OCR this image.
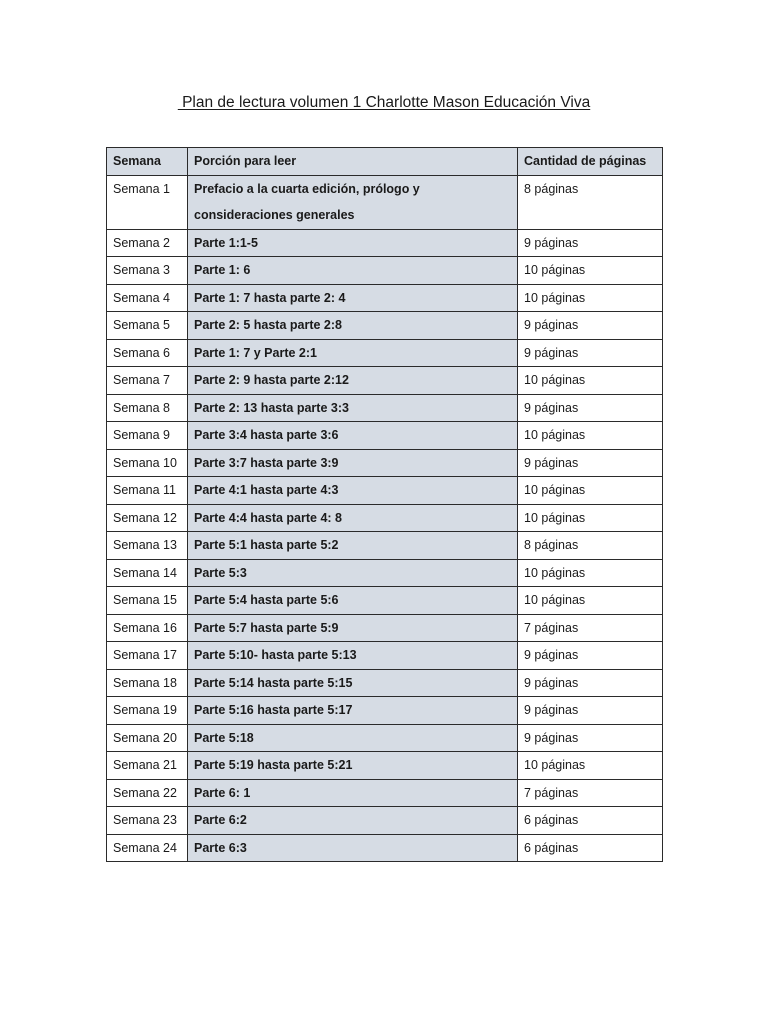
Plan de lectura volumen 1 Charlotte Mason Educación Viva
Semana	Porción para leer	Cantidad de páginas
Semana 1	Prefacio a la cuarta edición, prólogo y consideraciones generales	8 páginas
Semana 2	Parte 1:1-5	9 páginas
Semana 3	Parte 1: 6	10 páginas
Semana 4	Parte 1: 7 hasta parte 2: 4	10 páginas
Semana 5	Parte 2: 5 hasta parte 2:8	9 páginas
Semana 6	Parte 1: 7 y Parte 2:1	9 páginas
Semana 7	Parte 2: 9 hasta parte 2:12	10 páginas
Semana 8	Parte 2: 13 hasta parte 3:3	9 páginas
Semana 9	Parte 3:4 hasta parte 3:6	10 páginas
Semana 10	Parte 3:7 hasta parte 3:9	9 páginas
Semana 11	Parte 4:1 hasta parte 4:3	10 páginas
Semana 12	Parte 4:4 hasta parte 4: 8	10 páginas
Semana 13	Parte 5:1 hasta parte 5:2	8 páginas
Semana 14	Parte 5:3	10 páginas
Semana 15	Parte 5:4 hasta parte 5:6	10 páginas
Semana 16	Parte 5:7 hasta parte 5:9	7 páginas
Semana 17	Parte 5:10- hasta parte 5:13	9 páginas
Semana 18	Parte 5:14 hasta parte 5:15	9 páginas
Semana 19	Parte 5:16 hasta parte 5:17	9 páginas
Semana 20	Parte 5:18	9 páginas
Semana 21	Parte 5:19 hasta parte 5:21	10 páginas
Semana 22	Parte 6: 1	7 páginas
Semana 23	Parte 6:2	6 páginas
Semana 24	Parte 6:3	6 páginas
